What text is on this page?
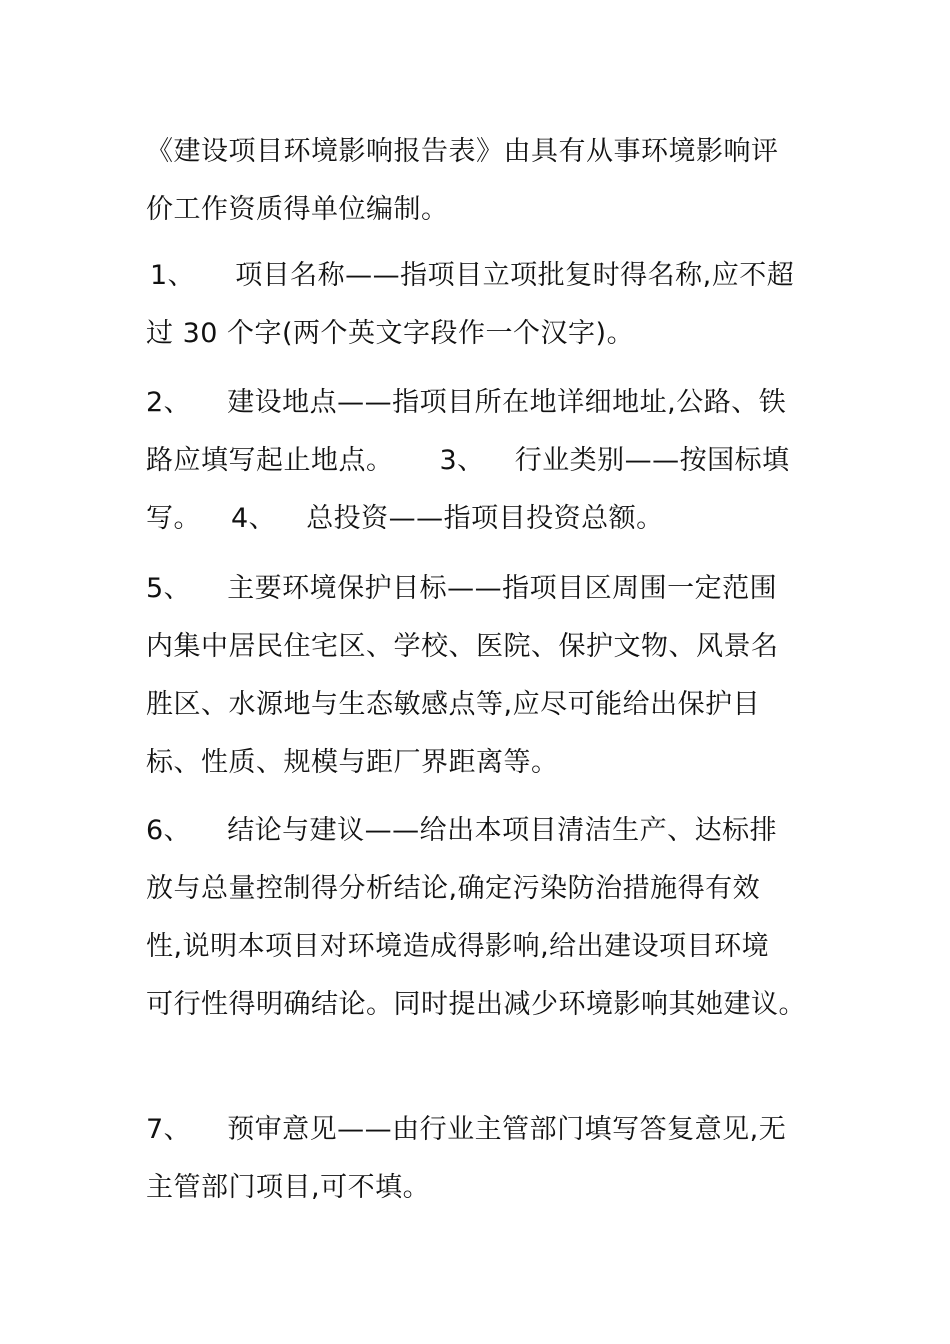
《建设项目环境影响报告表》由具有从事环境影响评
价工作资质得单位编制。
1、 项目名称——指项目立项批复时得名称,应不超
过 30 个字(两个英文字段作一个汉字)。
2、 建设地点——指项目所在地详细地址,公路、铁
路应填写起止地点。 3、 行业类别——按国标填
写。 4、 总投资——指项目投资总额。
5、 主要环境保护目标——指项目区周围一定范围
内集中居民住宅区、学校、医院、保护文物、风景名
胜区、水源地与生态敏感点等,应尽可能给出保护目
标、性质、规模与距厂界距离等。
6、 结论与建议——给出本项目清洁生产、达标排
放与总量控制得分析结论,确定污染防治措施得有效
性,说明本项目对环境造成得影响,给出建设项目环境
可行性得明确结论。同时提出减少环境影响其她建议。
7、 预审意见——由行业主管部门填写答复意见,无
主管部门项目,可不填。
